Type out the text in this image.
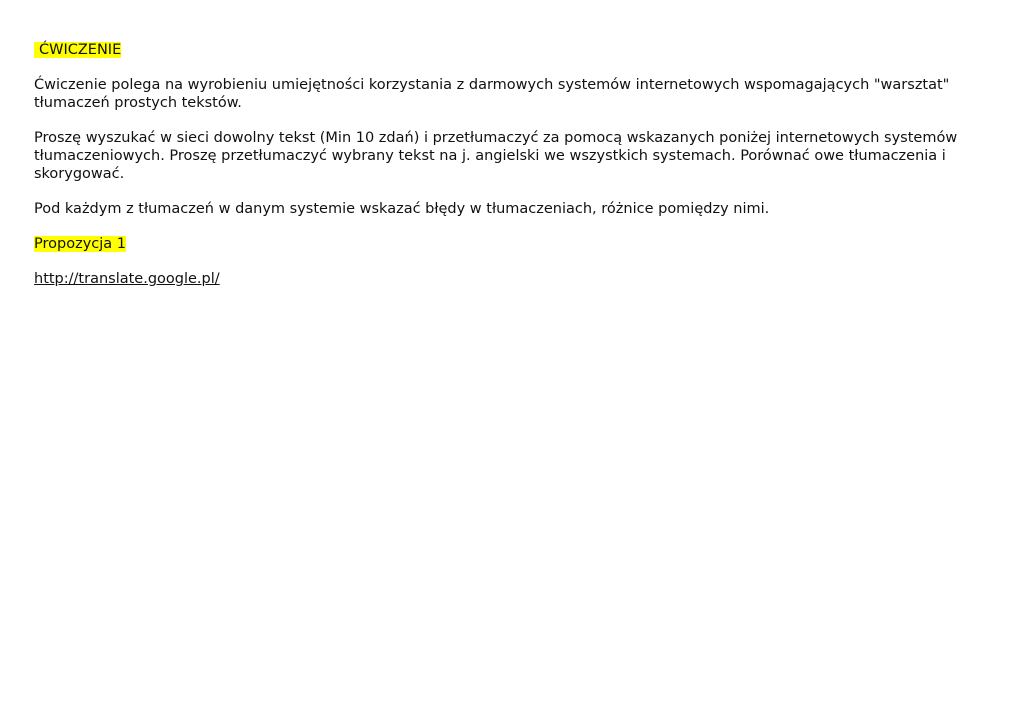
ĆWICZENIE

Ćwiczenie polega na wyrobieniu umiejętności korzystania z darmowych systemów internetowych wspomagających "warsztat" tłumaczeń prostych tekstów.

Proszę wyszukać w sieci dowolny tekst (Min 10 zdań) i przetłumaczyć za pomocą wskazanych poniżej internetowych systemów tłumaczeniowych. Proszę przetłumaczyć wybrany tekst na j. angielski we wszystkich systemach. Porównać owe tłumaczenia i skorygować.

Pod każdym z tłumaczeń w danym systemie wskazać błędy w tłumaczeniach, różnice pomiędzy nimi.

Propozycja 1

http://translate.google.pl/
